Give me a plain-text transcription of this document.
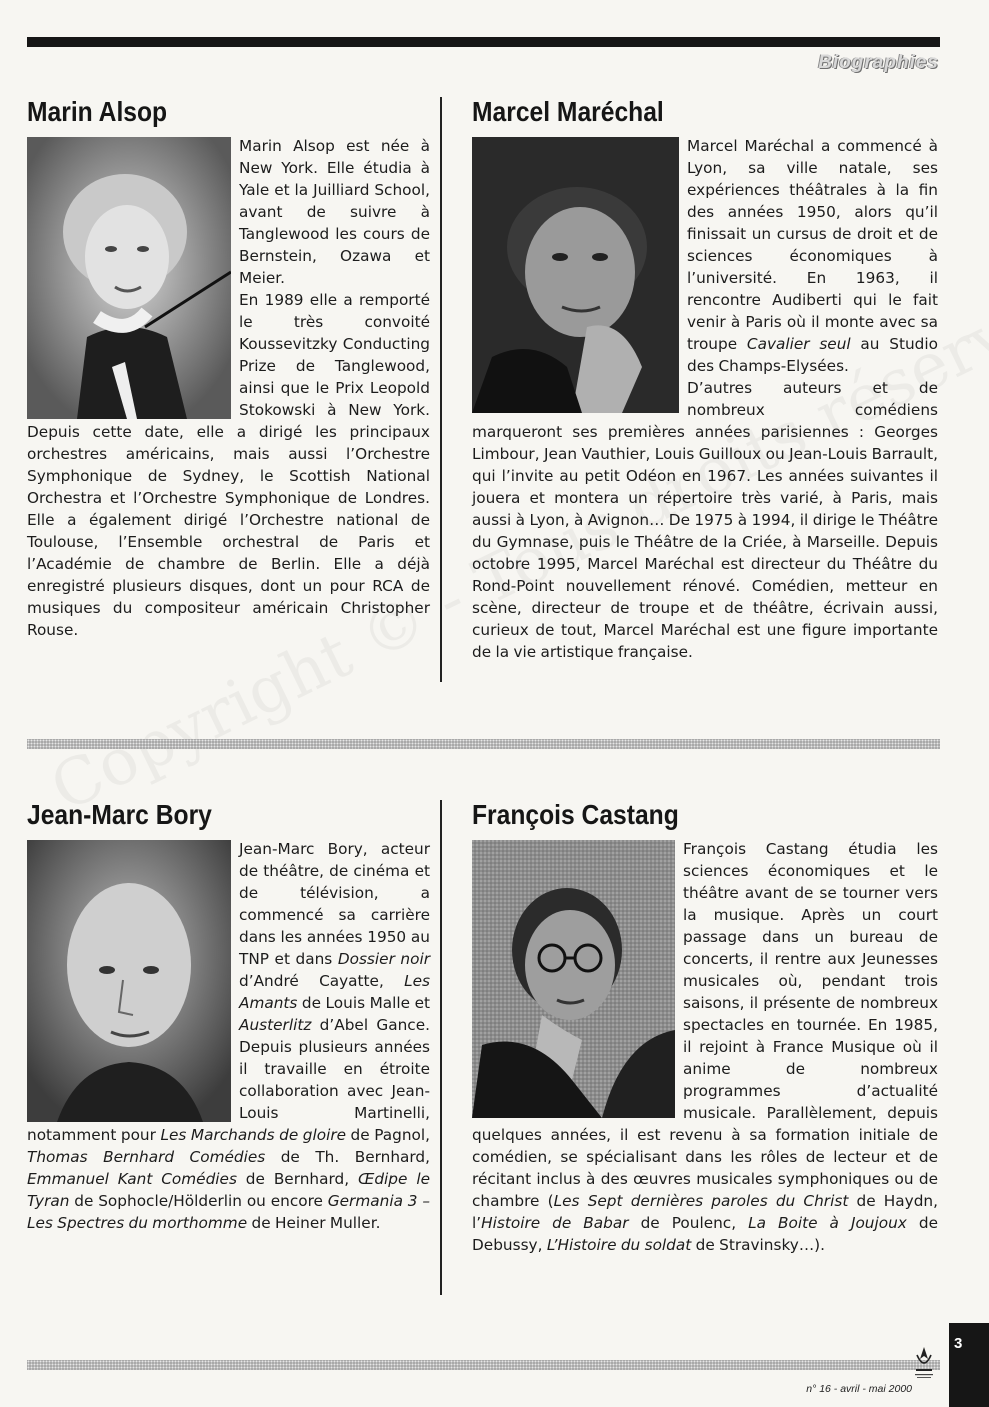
Biographies
Marin Alsop

Marin Alsop est née à New York. Elle étudia à Yale et la Juilliard School, avant de suivre à Tanglewood les cours de Bernstein, Ozawa et Meier.

En 1989 elle a remporté le très convoité Koussevitzky Conducting Prize de Tanglewood, ainsi que le Prix Leopold Stokowski à New York. Depuis cette date, elle a dirigé les principaux orchestres américains, mais aussi l’Orchestre Symphonique de Sydney, le Scottish National Orchestra et l’Orchestre Symphonique de Londres. Elle a également dirigé l’Orchestre national de Toulouse, l’Ensemble orchestral de Paris et l’Académie de chambre de Berlin. Elle a déjà enregistré plusieurs disques, dont un pour RCA de musiques du compositeur américain Christopher Rouse.

Marcel Maréchal

Marcel Maréchal a commencé à Lyon, sa ville natale, ses expériences théâtrales à la fin des années 1950, alors qu’il finissait un cursus de droit et de sciences économiques à l’université. En 1963, il rencontre Audiberti qui le fait venir à Paris où il monte avec sa troupe Cavalier seul au Studio des Champs-Elysées.

D’autres auteurs et de nombreux comédiens marqueront ses premières années parisiennes : Georges Limbour, Jean Vauthier, Louis Guilloux ou Jean-Louis Barrault, qui l’invite au petit Odéon en 1967. Les années suivantes il jouera et montera un répertoire très varié, à Paris, mais aussi à Lyon, à Avignon… De 1975 à 1994, il dirige le Théâtre du Gymnase, puis le Théâtre de la Criée, à Marseille. Depuis octobre 1995, Marcel Maréchal est directeur du Théâtre du Rond-Point nouvellement rénové. Comédien, metteur en scène, directeur de troupe et de théâtre, écrivain aussi, curieux de tout, Marcel Maréchal est une figure importante de la vie artistique française.

Jean-Marc Bory

Jean-Marc Bory, acteur de théâtre, de cinéma et de télévision, a commencé sa carrière dans les années 1950 au TNP et dans Dossier noir d’André Cayatte, Les Amants de Louis Malle et Austerlitz d’Abel Gance. Depuis plusieurs années il travaille en étroite collaboration avec Jean-Louis Martinelli, notamment pour Les Marchands de gloire de Pagnol, Thomas Bernhard Comédies de Th. Bernhard, Emmanuel Kant Comédies de Bernhard, Œdipe le Tyran de Sophocle/Hölderlin ou encore Germania 3 – Les Spectres du morthomme de Heiner Muller.

François Castang

François Castang étudia les sciences économiques et le théâtre avant de se tourner vers la musique. Après un court passage dans un bureau de concerts, il rentre aux Jeunesses musicales où, pendant trois saisons, il présente de nombreux spectacles en tournée. En 1985, il rejoint à France Musique où il anime de nombreux programmes d’actualité musicale. Parallèlement, depuis quelques années, il est revenu à sa formation initiale de comédien, se spécialisant dans les rôles de lecteur et de récitant inclus à des œuvres musicales symphoniques ou de chambre (Les Sept dernières paroles du Christ de Haydn, l’Histoire de Babar de Poulenc, La Boite à Joujoux de Debussy, L’Histoire du soldat de Stravinsky…).

n° 16 - avril - mai 2000
3
